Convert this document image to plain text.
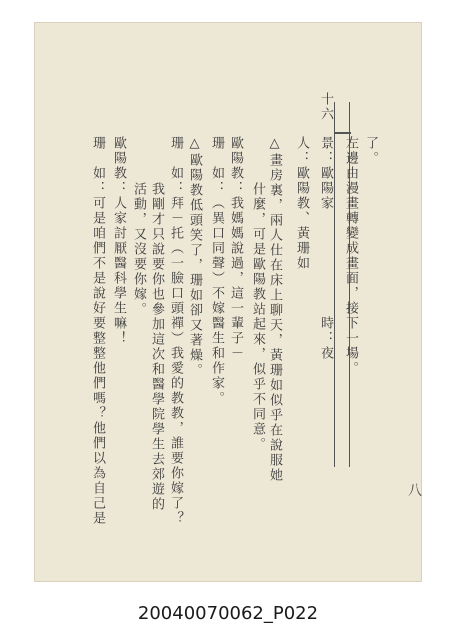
了。
左邊由漫畫轉變成畫面，接下一場。
十六
景：歐陽家　　　　　　　時：夜
人：歐陽教、黃珊如
△畫房裏，兩人仕在床上聊天，黃珊如似乎在說服她
什麼，可是歐陽教站起來，似乎不同意。
歐陽教：我媽媽說過，這一輩子－
珊　如：（異口同聲）不嫁醫生和作家。
△歐陽教低頭笑了，珊如卻又著燥。
珊　如：拜－托（一臉口頭禪）我愛的教教，誰要你嫁了？
我剛才只說要你也參加這次和醫學院學生去郊遊的
活動，又沒要你嫁。
歐陽教：人家討厭醫科學生嘛！
珊　如：可是咱們不是說好要整整他們嗎？他們以為自己是	八
20040070062_P022
